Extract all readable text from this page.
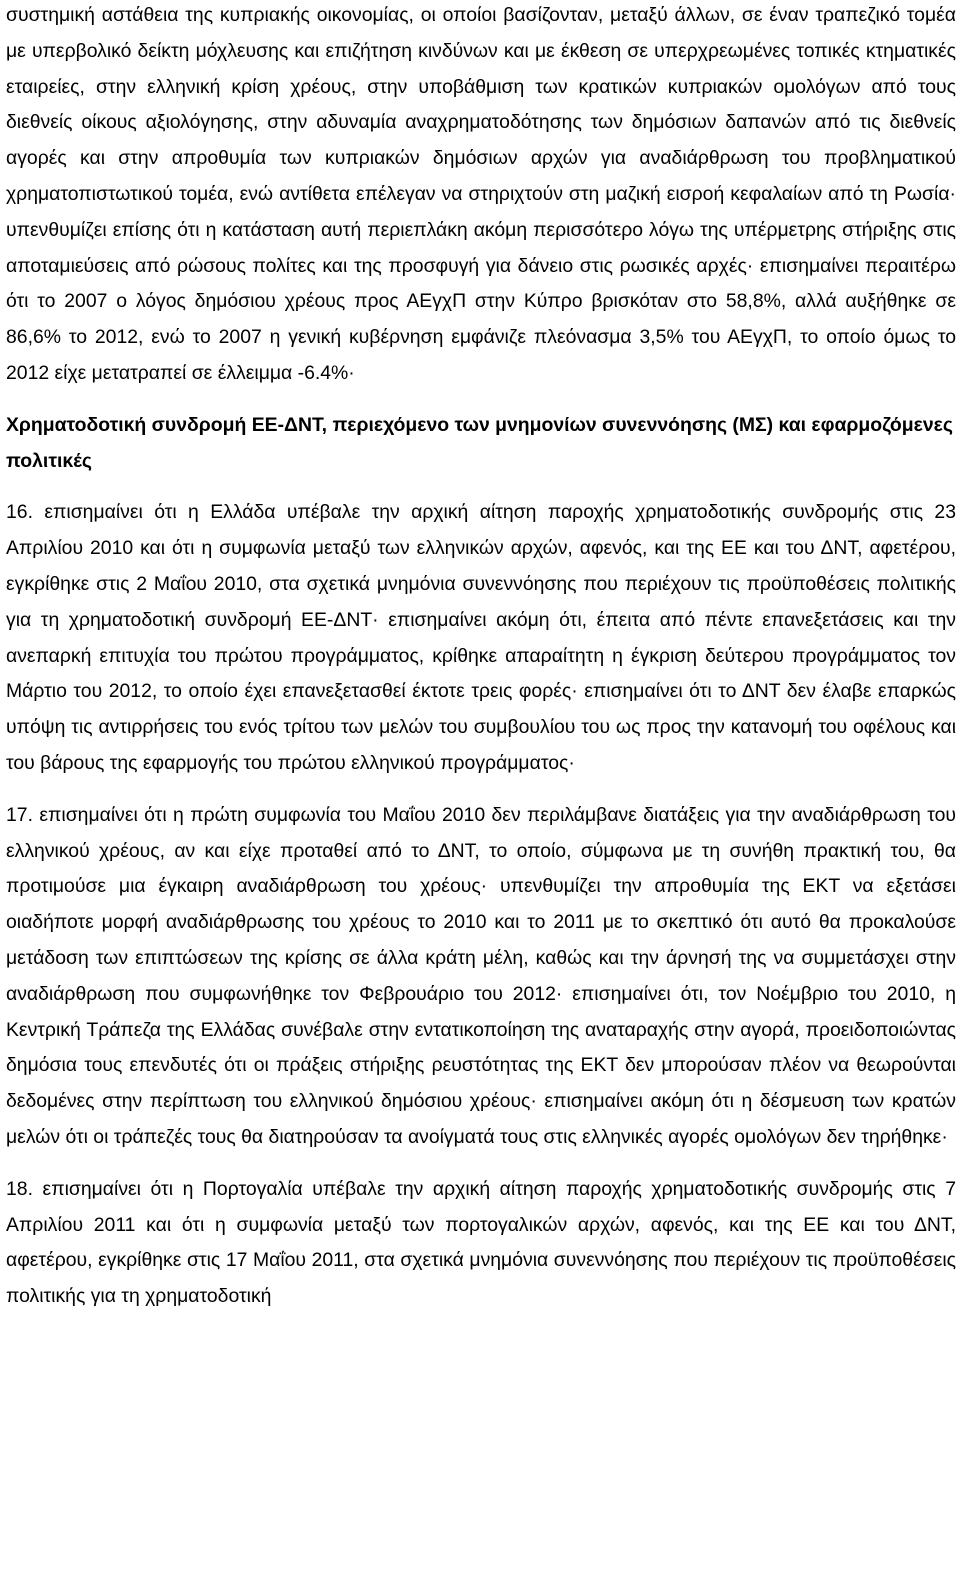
συστημική αστάθεια της κυπριακής οικονομίας, οι οποίοι βασίζονταν, μεταξύ άλλων, σε έναν τραπεζικό τομέα με υπερβολικό δείκτη μόχλευσης και επιζήτηση κινδύνων και με έκθεση σε υπερχρεωμένες τοπικές κτηματικές εταιρείες, στην ελληνική κρίση χρέους, στην υποβάθμιση των κρατικών κυπριακών ομολόγων από τους διεθνείς οίκους αξιολόγησης, στην αδυναμία αναχρηματοδότησης των δημόσιων δαπανών από τις διεθνείς αγορές και στην απροθυμία των κυπριακών δημόσιων αρχών για αναδιάρθρωση του προβληματικού χρηματοπιστωτικού τομέα, ενώ αντίθετα επέλεγαν να στηριχτούν στη μαζική εισροή κεφαλαίων από τη Ρωσία· υπενθυμίζει επίσης ότι η κατάσταση αυτή περιεπλάκη ακόμη περισσότερο λόγω της υπέρμετρης στήριξης στις αποταμιεύσεις από ρώσους πολίτες και της προσφυγή για δάνειο στις ρωσικές αρχές· επισημαίνει περαιτέρω ότι το 2007 ο λόγος δημόσιου χρέους προς ΑΕγχΠ στην Κύπρο βρισκόταν στο 58,8%, αλλά αυξήθηκε σε 86,6% το 2012, ενώ το 2007 η γενική κυβέρνηση εμφάνιζε πλεόνασμα 3,5% του ΑΕγχΠ, το οποίο όμως το 2012 είχε μετατραπεί σε έλλειμμα -6.4%·

Χρηματοδοτική συνδρομή ΕΕ-ΔΝΤ, περιεχόμενο των μνημονίων συνεννόησης (ΜΣ) και εφαρμοζόμενες πολιτικές

16. επισημαίνει ότι η Ελλάδα υπέβαλε την αρχική αίτηση παροχής χρηματοδοτικής συνδρομής στις 23 Απριλίου 2010 και ότι η συμφωνία μεταξύ των ελληνικών αρχών, αφενός, και της ΕΕ και του ΔΝΤ, αφετέρου, εγκρίθηκε στις 2 Μαΐου 2010, στα σχετικά μνημόνια συνεννόησης που περιέχουν τις προϋποθέσεις πολιτικής για τη χρηματοδοτική συνδρομή ΕΕ-ΔΝΤ· επισημαίνει ακόμη ότι, έπειτα από πέντε επανεξετάσεις και την ανεπαρκή επιτυχία του πρώτου προγράμματος, κρίθηκε απαραίτητη η έγκριση δεύτερου προγράμματος τον Μάρτιο του 2012, το οποίο έχει επανεξετασθεί έκτοτε τρεις φορές· επισημαίνει ότι το ΔΝΤ δεν έλαβε επαρκώς υπόψη τις αντιρρήσεις του ενός τρίτου των μελών του συμβουλίου του ως προς την κατανομή του οφέλους και του βάρους της εφαρμογής του πρώτου ελληνικού προγράμματος·

17. επισημαίνει ότι η πρώτη συμφωνία του Μαΐου 2010 δεν περιλάμβανε διατάξεις για την αναδιάρθρωση του ελληνικού χρέους, αν και είχε προταθεί από το ΔΝΤ, το οποίο, σύμφωνα με τη συνήθη πρακτική του, θα προτιμούσε μια έγκαιρη αναδιάρθρωση του χρέους· υπενθυμίζει την απροθυμία της ΕΚΤ να εξετάσει οιαδήποτε μορφή αναδιάρθρωσης του χρέους το 2010 και το 2011 με το σκεπτικό ότι αυτό θα προκαλούσε μετάδοση των επιπτώσεων της κρίσης σε άλλα κράτη μέλη, καθώς και την άρνησή της να συμμετάσχει στην αναδιάρθρωση που συμφωνήθηκε τον Φεβρουάριο του 2012· επισημαίνει ότι, τον Νοέμβριο του 2010, η Κεντρική Τράπεζα της Ελλάδας συνέβαλε στην εντατικοποίηση της αναταραχής στην αγορά, προειδοποιώντας δημόσια τους επενδυτές ότι οι πράξεις στήριξης ρευστότητας της ΕΚΤ δεν μπορούσαν πλέον να θεωρούνται δεδομένες στην περίπτωση του ελληνικού δημόσιου χρέους· επισημαίνει ακόμη ότι η δέσμευση των κρατών μελών ότι οι τράπεζές τους θα διατηρούσαν τα ανοίγματά τους στις ελληνικές αγορές ομολόγων δεν τηρήθηκε·

18. επισημαίνει ότι η Πορτογαλία υπέβαλε την αρχική αίτηση παροχής χρηματοδοτικής συνδρομής στις 7 Απριλίου 2011 και ότι η συμφωνία μεταξύ των πορτογαλικών αρχών, αφενός, και της ΕΕ και του ΔΝΤ, αφετέρου, εγκρίθηκε στις 17 Μαΐου 2011, στα σχετικά μνημόνια συνεννόησης που περιέχουν τις προϋποθέσεις πολιτικής για τη χρηματοδοτική
